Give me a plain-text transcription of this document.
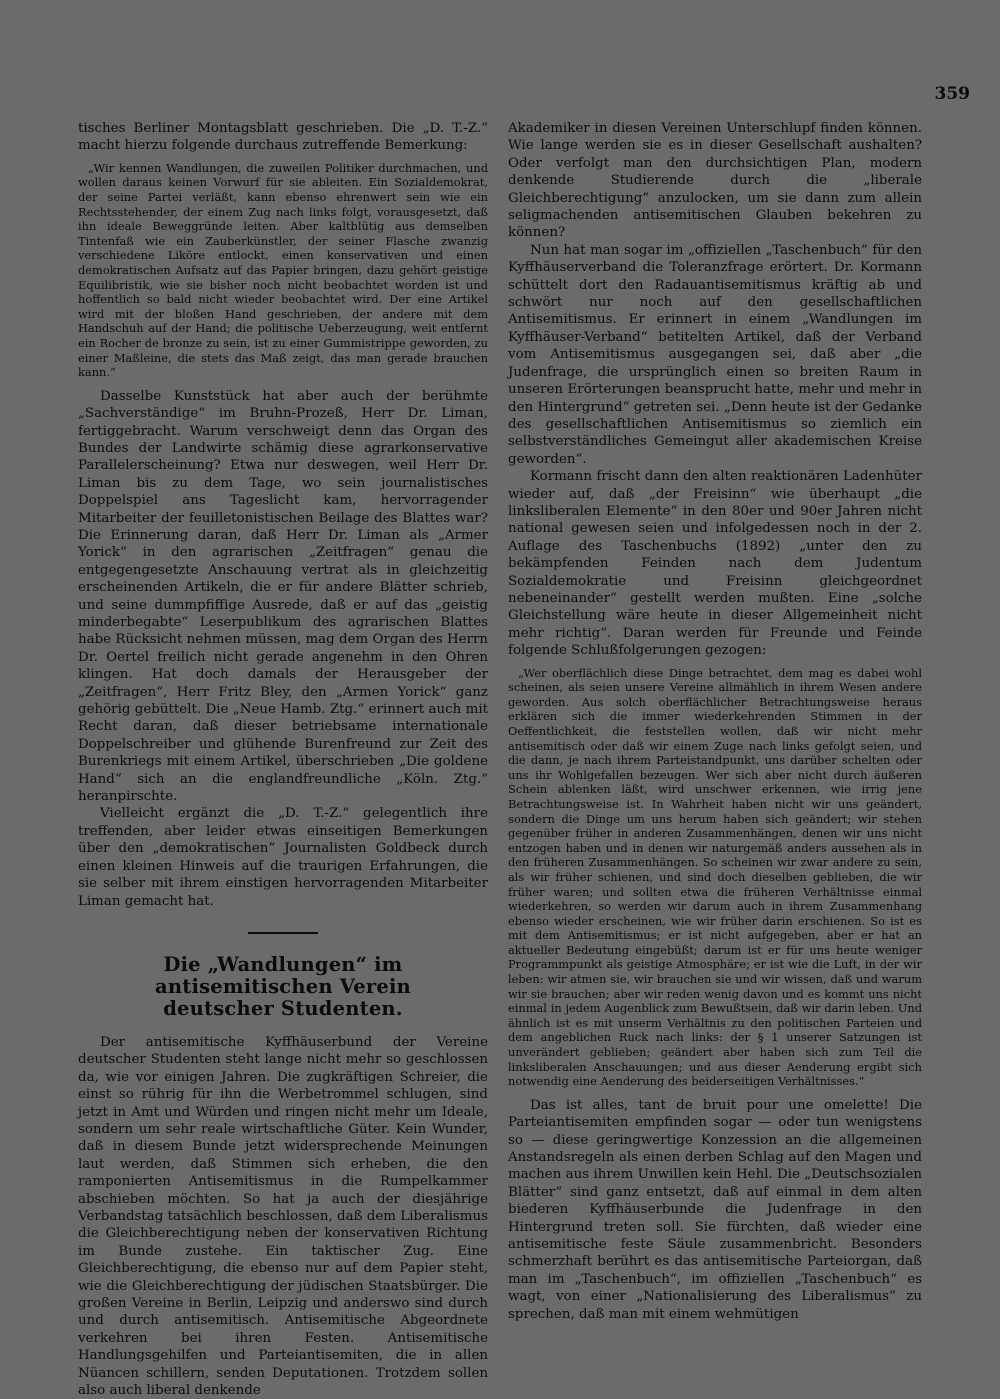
359

tisches Berliner Montagsblatt geschrieben. Die „D. T.-Z.“ macht hierzu folgende durchaus zutreffende Bemerkung:

„Wir kennen Wandlungen, die zuweilen Politiker durchmachen, und wollen daraus keinen Vorwurf für sie ableiten. Ein Sozialdemokrat, der seine Partei verläßt, kann ebenso ehrenwert sein wie ein Rechtsstehender, der einem Zug nach links folgt, vorausgesetzt, daß ihn ideale Beweggründe leiten. Aber kaltblütig aus demselben Tintenfaß wie ein Zauberkünstler, der seiner Flasche zwanzig verschiedene Liköre entlockt, einen konservativen und einen demokratischen Aufsatz auf das Papier bringen, dazu gehört geistige Equilibristik, wie sie bisher noch nicht beobachtet worden ist und hoffentlich so bald nicht wieder beobachtet wird. Der eine Artikel wird mit der bloßen Hand geschrieben, der andere mit dem Handschuh auf der Hand; die politische Ueberzeugung, weit entfernt ein Rocher de bronze zu sein, ist zu einer Gummistrippe geworden, zu einer Maßleine, die stets das Maß zeigt, das man gerade brauchen kann.“

Dasselbe Kunststück hat aber auch der berühmte „Sachverständige“ im Bruhn-Prozeß, Herr Dr. Liman, fertiggebracht. Warum verschweigt denn das Organ des Bundes der Landwirte schämig diese agrarkonservative Parallelerscheinung? Etwa nur deswegen, weil Herr Dr. Liman bis zu dem Tage, wo sein journalistisches Doppelspiel ans Tageslicht kam, hervorragender Mitarbeiter der feuilletonistischen Beilage des Blattes war? Die Erinnerung daran, daß Herr Dr. Liman als „Armer Yorick“ in den agrarischen „Zeitfragen“ genau die entgegengesetzte Anschauung vertrat als in gleichzeitig erscheinenden Artikeln, die er für andere Blätter schrieb, und seine dummpfiffige Ausrede, daß er auf das „geistig minderbegabte“ Leserpublikum des agrarischen Blattes habe Rücksicht nehmen müssen, mag dem Organ des Herrn Dr. Oertel freilich nicht gerade angenehm in den Ohren klingen. Hat doch damals der Herausgeber der „Zeitfragen“, Herr Fritz Bley, den „Armen Yorick“ ganz gehörig gebüttelt. Die „Neue Hamb. Ztg.“ erinnert auch mit Recht daran, daß dieser betriebsame internationale Doppelschreiber und glühende Burenfreund zur Zeit des Burenkriegs mit einem Artikel, überschrieben „Die goldene Hand“ sich an die englandfreundliche „Köln. Ztg.“ heranpirschte.

Vielleicht ergänzt die „D. T.-Z.“ gelegentlich ihre treffenden, aber leider etwas einseitigen Bemerkungen über den „demokratischen“ Journalisten Goldbeck durch einen kleinen Hinweis auf die traurigen Erfahrungen, die sie selber mit ihrem einstigen hervorragenden Mitarbeiter Liman gemacht hat.

Die „Wandlungen“ im antisemitischen Verein
deutscher Studenten.

Der antisemitische Kyffhäuserbund der Vereine deutscher Studenten steht lange nicht mehr so geschlossen da, wie vor einigen Jahren. Die zugkräftigen Schreier, die einst so rührig für ihn die Werbetrommel schlugen, sind jetzt in Amt und Würden und ringen nicht mehr um Ideale, sondern um sehr reale wirtschaftliche Güter. Kein Wunder, daß in diesem Bunde jetzt widersprechende Meinungen laut werden, daß Stimmen sich erheben, die den ramponierten Antisemitismus in die Rumpelkammer abschieben möchten. So hat ja auch der diesjährige Verbandstag tatsächlich beschlossen, daß dem Liberalismus die Gleichberechtigung neben der konservativen Richtung im Bunde zustehe. Ein taktischer Zug. Eine Gleichberechtigung, die ebenso nur auf dem Papier steht, wie die Gleichberechtigung der jüdischen Staatsbürger. Die großen Vereine in Berlin, Leipzig und anderswo sind durch und durch antisemitisch. Antisemitische Abgeordnete verkehren bei ihren Festen. Antisemitische Handlungsgehilfen und Parteiantisemiten, die in allen Nüancen schillern, senden Deputationen. Trotzdem sollen also auch liberal denkende

Akademiker in diesen Vereinen Unterschlupf finden können. Wie lange werden sie es in dieser Gesellschaft aushalten? Oder verfolgt man den durchsichtigen Plan, modern denkende Studierende durch die „liberale Gleichberechtigung“ anzulocken, um sie dann zum allein seligmachenden antisemitischen Glauben bekehren zu können?

Nun hat man sogar im „offiziellen „Taschenbuch“ für den Kyffhäuserverband die Toleranzfrage erörtert. Dr. Kormann schüttelt dort den Radauantisemitismus kräftig ab und schwört nur noch auf den gesellschaftlichen Antisemitismus. Er erinnert in einem „Wandlungen im Kyffhäuser-Verband“ betitelten Artikel, daß der Verband vom Antisemitismus ausgegangen sei, daß aber „die Judenfrage, die ursprünglich einen so breiten Raum in unseren Erörterungen beansprucht hatte, mehr und mehr in den Hintergrund“ getreten sei. „Denn heute ist der Gedanke des gesellschaftlichen Antisemitismus so ziemlich ein selbstverständliches Gemeingut aller akademischen Kreise geworden“.

Kormann frischt dann den alten reaktionären Ladenhüter wieder auf, daß „der Freisinn“ wie überhaupt „die linksliberalen Elemente“ in den 80er und 90er Jahren nicht national gewesen seien und infolgedessen noch in der 2. Auflage des Taschenbuchs (1892) „unter den zu bekämpfenden Feinden nach dem Judentum Sozialdemokratie und Freisinn gleichgeordnet nebeneinander“ gestellt werden mußten. Eine „solche Gleichstellung wäre heute in dieser Allgemeinheit nicht mehr richtig“. Daran werden für Freunde und Feinde folgende Schlußfolgerungen gezogen:

„Wer oberflächlich diese Dinge betrachtet, dem mag es dabei wohl scheinen, als seien unsere Vereine allmählich in ihrem Wesen andere geworden. Aus solch oberflächlicher Betrachtungsweise heraus erklären sich die immer wiederkehrenden Stimmen in der Oeffentlichkeit, die feststellen wollen, daß wir nicht mehr antisemitisch oder daß wir einem Zuge nach links gefolgt seien, und die dann, je nach ihrem Parteistandpunkt, uns darüber schelten oder uns ihr Wohlgefallen bezeugen. Wer sich aber nicht durch äußeren Schein ablenken läßt, wird unschwer erkennen, wie irrig jene Betrachtungsweise ist. In Wahrheit haben nicht wir uns geändert, sondern die Dinge um uns herum haben sich geändert; wir stehen gegenüber früher in anderen Zusammenhängen, denen wir uns nicht entzogen haben und in denen wir naturgemäß anders aussehen als in den früheren Zusammenhängen. So scheinen wir zwar andere zu sein, als wir früher schienen, und sind doch dieselben geblieben, die wir früher waren; und sollten etwa die früheren Verhältnisse einmal wiederkehren, so werden wir darum auch in ihrem Zusammenhang ebenso wieder erscheinen, wie wir früher darin erschienen. So ist es mit dem Antisemitismus; er ist nicht aufgegeben, aber er hat an aktueller Bedeutung eingebüßt; darum ist er für uns heute weniger Programmpunkt als geistige Atmosphäre; er ist wie die Luft, in der wir leben: wir atmen sie, wir brauchen sie und wir wissen, daß und warum wir sie brauchen; aber wir reden wenig davon und es kommt uns nicht einmal in jedem Augenblick zum Bewußtsein, daß wir darin leben. Und ähnlich ist es mit unserm Verhältnis zu den politischen Parteien und dem angeblichen Ruck nach links: der § 1 unserer Satzungen ist unverändert geblieben; geändert aber haben sich zum Teil die linksliberalen Anschauungen; und aus dieser Aenderung ergibt sich notwendig eine Aenderung des beiderseitigen Verhältnisses.“

Das ist alles, tant de bruit pour une omelette! Die Parteiantisemiten empfinden sogar — oder tun wenigstens so — diese geringwertige Konzession an die allgemeinen Anstandsregeln als einen derben Schlag auf den Magen und machen aus ihrem Unwillen kein Hehl. Die „Deutschsozialen Blätter“ sind ganz entsetzt, daß auf einmal in dem alten biederen Kyffhäuserbunde die Judenfrage in den Hintergrund treten soll. Sie fürchten, daß wieder eine antisemitische feste Säule zusammenbricht. Besonders schmerzhaft berührt es das antisemitische Parteiorgan, daß man im „Taschenbuch“, im offiziellen „Taschenbuch“ es wagt, von einer „Nationalisierung des Liberalismus“ zu sprechen, daß man mit einem wehmütigen
